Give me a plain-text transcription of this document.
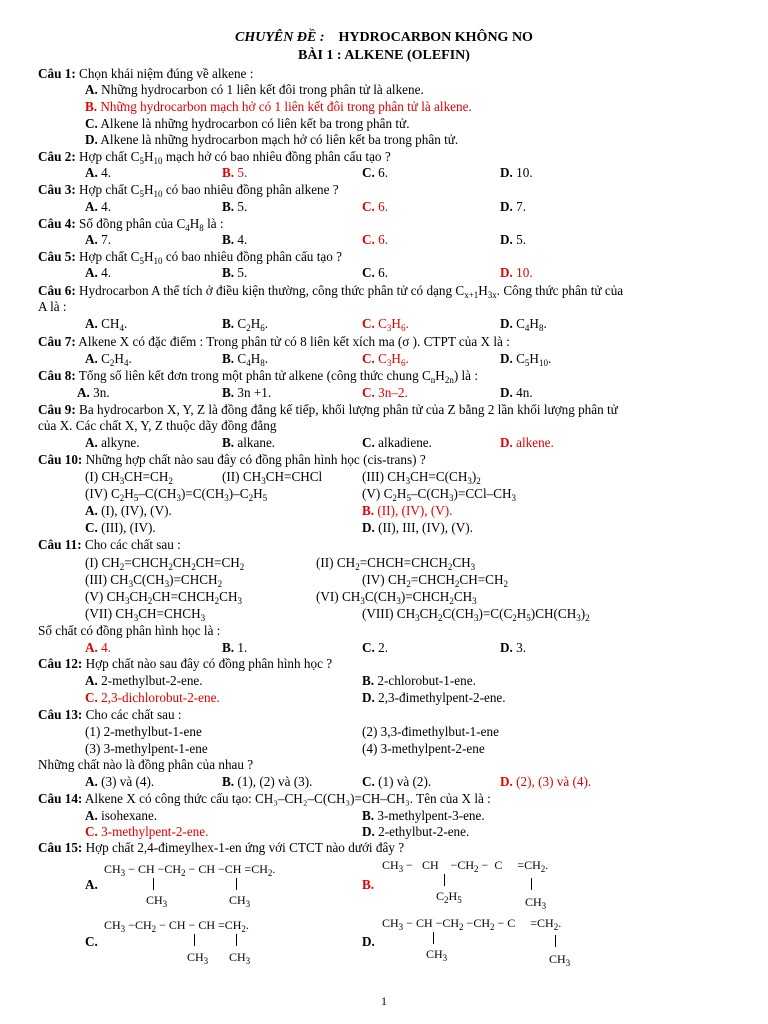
CHUYÊN ĐỀ : HYDROCARBON KHÔNG NO
BÀI 1 : ALKENE (OLEFIN)
Câu 1: Chọn khái niệm đúng về alkene :
A. Những hydrocarbon có 1 liên kết đôi trong phân tử là alkene.
B. Những hydrocarbon mạch hở có 1 liên kết đôi trong phân tử là alkene.
C. Alkene là những hydrocarbon có liên kết ba trong phân tử.
D. Alkene là những hydrocarbon mạch hở có liên kết ba trong phân tử.
Câu 2: Hợp chất $C_5H_{10}$ mạch hở có bao nhiêu đồng phân cấu tạo ?
A. 4.	B. 5.	C. 6.	D. 10.
Câu 3: Hợp chất $C_5H_{10}$ có bao nhiêu đồng phân alkene ?
A. 4.	B. 5.	C. 6.	D. 7.
Câu 4: Số đồng phân của $C_4H_8$ là :
A. 7.	B. 4.	C. 6.	D. 5.
Câu 5: Hợp chất $C_5H_{10}$ có bao nhiêu đồng phân cấu tạo ?
A. 4.	B. 5.	C. 6.	D. 10.
Câu 6: Hydrocarbon A thể tích ở điều kiện thường, công thức phân tử có dạng $C_{x+1}H_{3x}$. Công thức phân tử của
A là :
A. $CH_4$.	B. $C_2H_6$.	C. $C_3H_6$.	D. $C_4H_8$.
Câu 7: Alkene X có đặc điểm : Trong phân tử có 8 liên kết xích ma (σ ). CTPT của X là :
A. $C_2H_4$.	B. $C_4H_8$.	C. $C_3H_6$.	D. $C_5H_{10}$.
Câu 8: Tổng số liên kết đơn trong một phân tử alkene (công thức chung $C_nH_{2n}$) là :
A. 3n.	B. 3n +1.	C. 3n–2.	D. 4n.
Câu 9: Ba hydrocarbon X, Y, Z là đồng đẳng kế tiếp, khối lượng phân tử của Z bằng 2 lần khối lượng phân tử
của X. Các chất X, Y, Z thuộc dãy đồng đẳng
A. alkyne.	B. alkane.	C. alkadiene.	D. alkene.
Câu 10: Những hợp chất nào sau đây có đồng phân hình học (cis-trans) ?
(I) $CH_3CH=CH_2$	(II) $CH_3CH=CHCl$	(III) $CH_3CH=C(CH_3)_2$
(IV) $C_2H_5-C(CH_3)=C(CH_3)-C_2H_5$	(V) $C_2H_5-C(CH_3)=CCl-CH_3$
A. (I), (IV), (V).	B. (II), (IV), (V).
C. (III), (IV).	D. (II), III, (IV), (V).
Câu 11: Cho các chất sau :
(I) $CH_2=CHCH_2CH_2CH=CH_2$	(II) $CH_2=CHCH=CHCH_2CH_3$
(III) $CH_3C(CH_3)=CHCH_2$	(IV) $CH_2=CHCH_2CH=CH_2$
(V) $CH_3CH_2CH=CHCH_2CH_3$	(VI) $CH_3C(CH_3)=CHCH_2CH_3$
(VII) $CH_3CH=CHCH_3$	(VIII) $CH_3CH_2C(CH_3)=C(C_2H_5)CH(CH_3)_2$
Số chất có đồng phân hình học là :
A. 4.	B. 1.	C. 2.	D. 3.
Câu 12: Hợp chất nào sau đây có đồng phân hình học ?
A. 2-methylbut-2-ene.	B. 2-chlorobut-1-ene.
C. 2,3-dichlorobut-2-ene.	D. 2,3-đimethylpent-2-ene.
Câu 13: Cho các chất sau :
(1) 2-methylbut-1-ene	(2) 3,3-đimethylbut-1-ene
(3) 3-methylpent-1-ene	(4) 3-methylpent-2-ene
Những chất nào là đồng phân của nhau ?
A. (3) và (4).	B. (1), (2) và (3).	C. (1) và (2).	D. (2), (3) và (4).
Câu 14: Alkene X có công thức cấu tạo: CH₃–CH₂–C(CH₃)=CH–CH₃. Tên của X là :
A. isohexane.	B. 3-methylpent-3-ene.
C. 3-methylpent-2-ene.	D. 2-ethylbut-2-ene.
Câu 15: Hợp chất 2,4-đimeylhex-1-en ứng với CTCT nào dưới đây ?
A.
$CH_3$ − CH $-CH_2$ − CH $-CH =CH_2$.
$CH_3$	$CH_3$
B.
$CH_3$ −   CH    $-CH_2 - C$     $=CH_2$.
$C_2H_5$	$CH_3$
C.
$CH_3 -CH_2$ − CH − CH $=CH_2$.
$CH_3$ $CH_3$
D.
$CH_3$ − CH $-CH_2 -CH_2 - C$     $=CH_2$.
$CH_3$	$CH_3$
1
